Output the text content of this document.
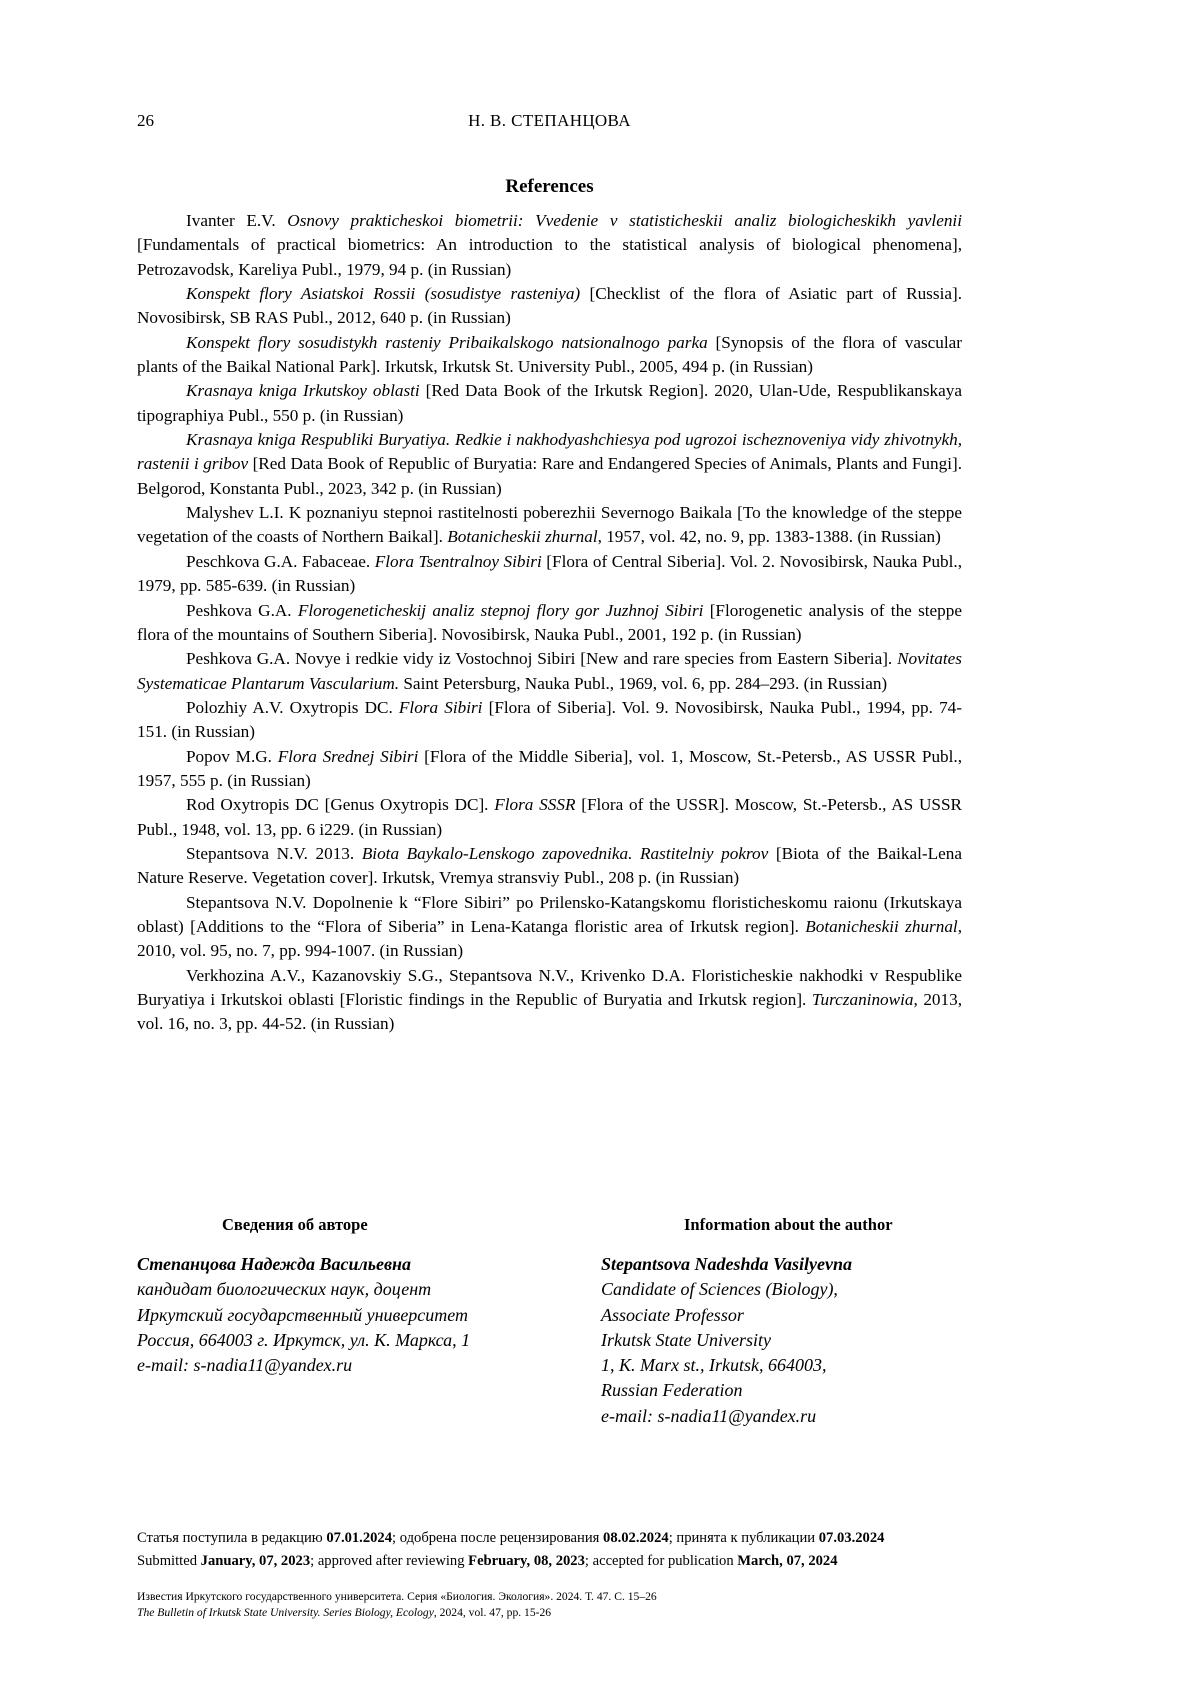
26	Н. В. СТЕПАНЦОВА
References

Ivanter E.V. Osnovy prakticheskoi biometrii: Vvedenie v statisticheskii analiz biologicheskikh yavlenii [Fundamentals of practical biometrics: An introduction to the statistical analysis of biological phenomena], Petrozavodsk, Kareliya Publ., 1979, 94 p. (in Russian)

Konspekt flory Asiatskoi Rossii (sosudistye rasteniya) [Checklist of the flora of Asiatic part of Russia]. Novosibirsk, SB RAS Publ., 2012, 640 p. (in Russian)

Konspekt flory sosudistykh rasteniy Pribaikalskogo natsionalnogo parka [Synopsis of the flora of vascular plants of the Baikal National Park]. Irkutsk, Irkutsk St. University Publ., 2005, 494 p. (in Russian)

Krasnaya kniga Irkutskoy oblasti [Red Data Book of the Irkutsk Region]. 2020, Ulan-Ude, Respublikanskaya tipographiya Publ., 550 p. (in Russian)

Krasnaya kniga Respubliki Buryatiya. Redkie i nakhodyashchiesya pod ugrozoi ischeznoveniya vidy zhivotnykh, rastenii i gribov [Red Data Book of Republic of Buryatia: Rare and Endangered Species of Animals, Plants and Fungi]. Belgorod, Konstanta Publ., 2023, 342 p. (in Russian)

Malyshev L.I. K poznaniyu stepnoi rastitelnosti poberezhii Severnogo Baikala [To the knowledge of the steppe vegetation of the coasts of Northern Baikal]. Botanicheskii zhurnal, 1957, vol. 42, no. 9, pp. 1383-1388. (in Russian)

Peschkova G.A. Fabaceae. Flora Tsentralnoy Sibiri [Flora of Central Siberia]. Vol. 2. Novosibirsk, Nauka Publ., 1979, pp. 585-639. (in Russian)

Peshkova G.A. Florogeneticheskij analiz stepnoj flory gor Juzhnoj Sibiri [Florogenetic analysis of the steppe flora of the mountains of Southern Siberia]. Novosibirsk, Nauka Publ., 2001, 192 p. (in Russian)

Peshkova G.A. Novye i redkie vidy iz Vostochnoj Sibiri [New and rare species from Eastern Siberia]. Novitates Systematicae Plantarum Vascularium. Saint Petersburg, Nauka Publ., 1969, vol. 6, pp. 284–293. (in Russian)

Polozhiy A.V. Oxytropis DC. Flora Sibiri [Flora of Siberia]. Vol. 9. Novosibirsk, Nauka Publ., 1994, pp. 74-151. (in Russian)

Popov M.G. Flora Srednej Sibiri [Flora of the Middle Siberia], vol. 1, Moscow, St.-Petersb., AS USSR Publ., 1957, 555 p. (in Russian)

Rod Oxytropis DC [Genus Oxytropis DC]. Flora SSSR [Flora of the USSR]. Moscow, St.-Petersb., AS USSR Publ., 1948, vol. 13, pp. 6 i229. (in Russian)

Stepantsova N.V. 2013. Biota Baykalo-Lenskogo zapovednika. Rastitelniy pokrov [Biota of the Baikal-Lena Nature Reserve. Vegetation cover]. Irkutsk, Vremya stransviy Publ., 208 p. (in Russian)

Stepantsova N.V. Dopolnenie k “Flore Sibiri” po Prilensko-Katangskomu floristicheskomu raionu (Irkutskaya oblast) [Additions to the “Flora of Siberia” in Lena-Katanga floristic area of Irkutsk region]. Botanicheskii zhurnal, 2010, vol. 95, no. 7, pp. 994-1007. (in Russian)

Verkhozina A.V., Kazanovskiy S.G., Stepantsova N.V., Krivenko D.A. Floristicheskie nakhodki v Respublike Buryatiya i Irkutskoi oblasti [Floristic findings in the Republic of Buryatia and Irkutsk region]. Turczaninowia, 2013, vol. 16, no. 3, pp. 44-52. (in Russian)

Сведения об авторе

Степанцова Надежда Васильевна

кандидат биологических наук, доцент

Иркутский государственный университет

Россия, 664003 г. Иркутск, ул. К. Маркса, 1

e-mail: s-nadia11@yandex.ru

Information about the author

Stepantsova Nadeshda Vasilyevna

Candidate of Sciences (Biology),

Associate Professor

Irkutsk State University

1, K. Marx st., Irkutsk, 664003,

Russian Federation

e-mail: s-nadia11@yandex.ru

Статья поступила в редакцию 07.01.2024; одобрена после рецензирования 08.02.2024; принята к публикации 07.03.2024

Submitted January, 07, 2023; approved after reviewing February, 08, 2023; accepted for publication March, 07, 2024

Известия Иркутского государственного университета. Серия «Биология. Экология». 2024. Т. 47. С. 15–26

The Bulletin of Irkutsk State University. Series Biology, Ecology, 2024, vol. 47, pp. 15-26
